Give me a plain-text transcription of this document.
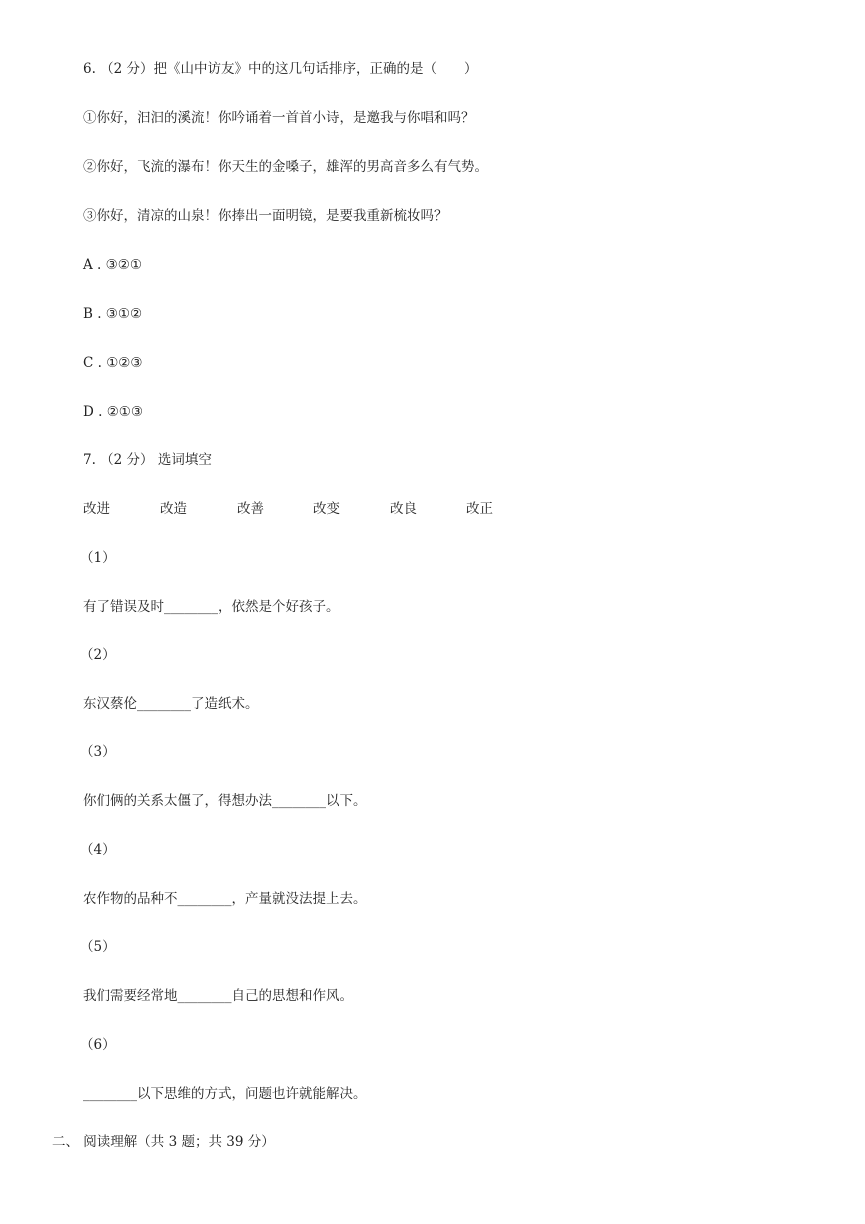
6. （2 分）把《山中访友》中的这几句话排序，正确的是（　　）
①你好，汩汩的溪流！你吟诵着一首首小诗，是邀我与你唱和吗？
②你好，飞流的瀑布！你天生的金嗓子，雄浑的男高音多么有气势。
③你好，清凉的山泉！你捧出一面明镜，是要我重新梳妆吗？
A . ③②①
B . ③①②
C . ①②③
D . ②①③
7. （2 分） 选词填空
改进	改造	改善	改变	改良	改正
（1）
有了错误及时________，依然是个好孩子。
（2）
东汉蔡伦________了造纸术。
（3）
你们俩的关系太僵了，得想办法________以下。
（4）
农作物的品种不________，产量就没法提上去。
（5）
我们需要经常地________自己的思想和作风。
（6）
________以下思维的方式，问题也许就能解决。
二、 阅读理解（共 3 题；共 39 分）
